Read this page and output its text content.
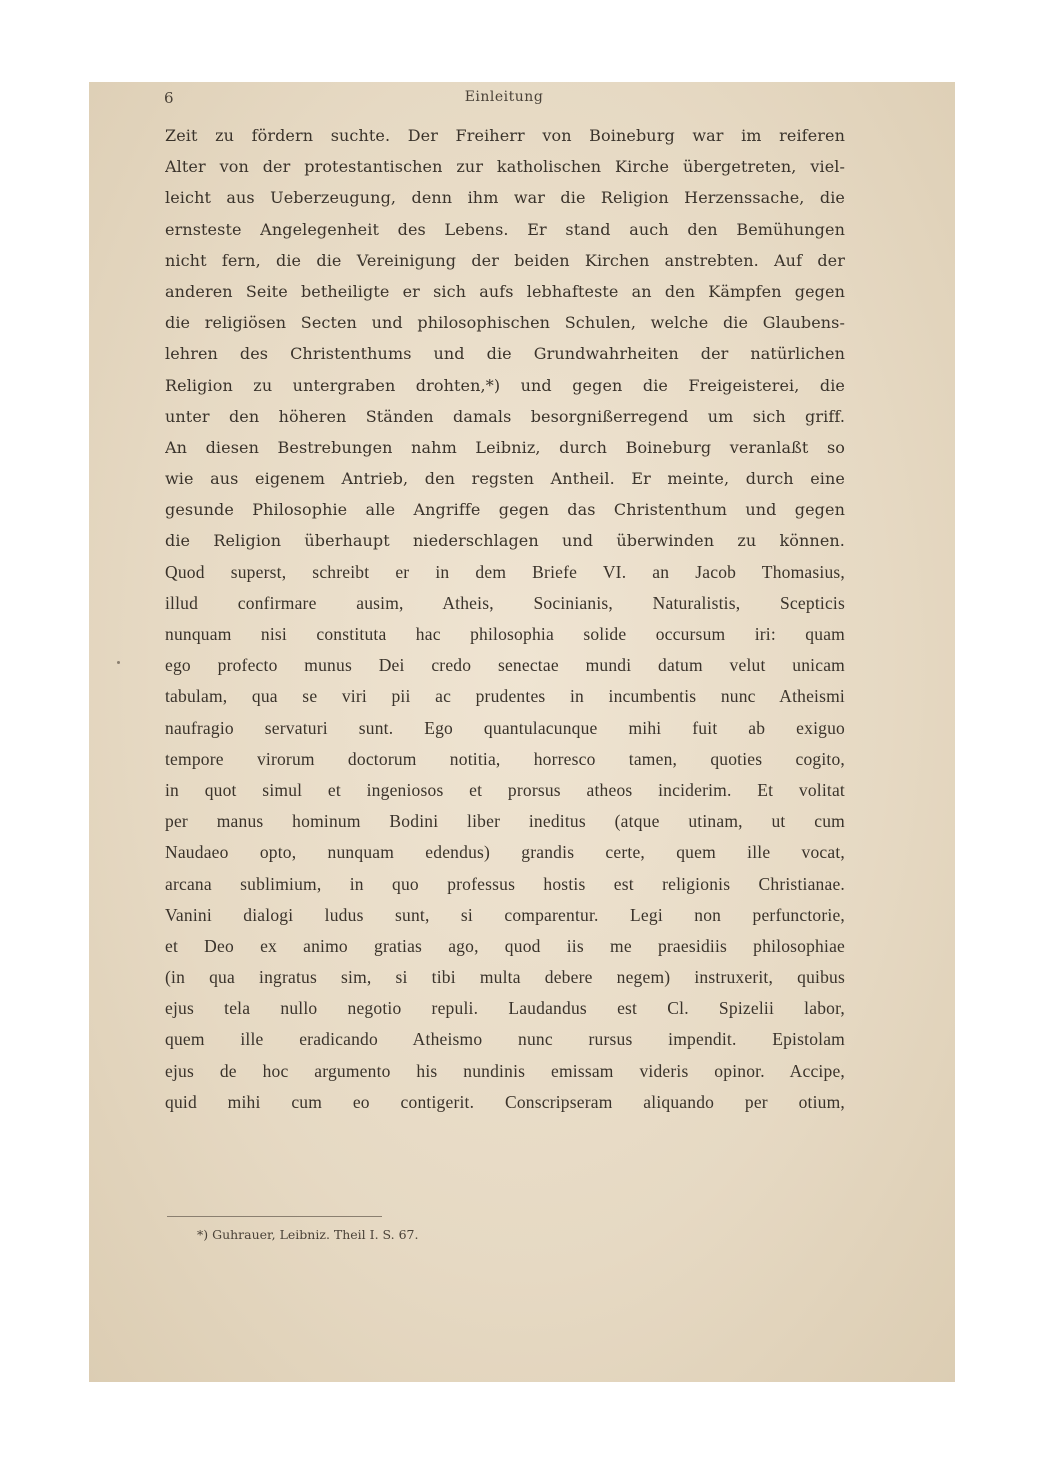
6	Einleitung
Zeit zu fördern suchte. Der Freiherr von Boineburg war im reiferen
Alter von der protestantischen zur katholischen Kirche übergetreten, viel-
leicht aus Ueberzeugung, denn ihm war die Religion Herzenssache, die
ernsteste Angelegenheit des Lebens. Er stand auch den Bemühungen
nicht fern, die die Vereinigung der beiden Kirchen anstrebten. Auf der
anderen Seite betheiligte er sich aufs lebhafteste an den Kämpfen gegen
die religiösen Secten und philosophischen Schulen, welche die Glaubens-
lehren des Christenthums und die Grundwahrheiten der natürlichen
Religion zu untergraben drohten,*) und gegen die Freigeisterei, die
unter den höheren Ständen damals besorgnißerregend um sich griff.
An diesen Bestrebungen nahm Leibniz, durch Boineburg veranlaßt so
wie aus eigenem Antrieb, den regsten Antheil. Er meinte, durch eine
gesunde Philosophie alle Angriffe gegen das Christenthum und gegen
die Religion überhaupt niederschlagen und überwinden zu können.
Quod superst, schreibt er in dem Briefe VI. an Jacob Thomasius,
illud confirmare ausim, Atheis, Socinianis, Naturalistis, Scepticis
nunquam nisi constituta hac philosophia solide occursum iri: quam
ego profecto munus Dei credo senectae mundi datum velut unicam
tabulam, qua se viri pii ac prudentes in incumbentis nunc Atheismi
naufragio servaturi sunt. Ego quantulacunque mihi fuit ab exiguo
tempore virorum doctorum notitia, horresco tamen, quoties cogito,
in quot simul et ingeniosos et prorsus atheos inciderim. Et volitat
per manus hominum Bodini liber ineditus (atque utinam, ut cum
Naudaeo opto, nunquam edendus) grandis certe, quem ille vocat,
arcana sublimium, in quo professus hostis est religionis Christianae.
Vanini dialogi ludus sunt, si comparentur. Legi non perfunctorie,
et Deo ex animo gratias ago, quod iis me praesidiis philosophiae
(in qua ingratus sim, si tibi multa debere negem) instruxerit, quibus
ejus tela nullo negotio repuli. Laudandus est Cl. Spizelii labor,
quem ille eradicando Atheismo nunc rursus impendit. Epistolam
ejus de hoc argumento his nundinis emissam videris opinor. Accipe,
quid mihi cum eo contigerit. Conscripseram aliquando per otium,
*) Guhrauer, Leibniz. Theil I. S. 67.
